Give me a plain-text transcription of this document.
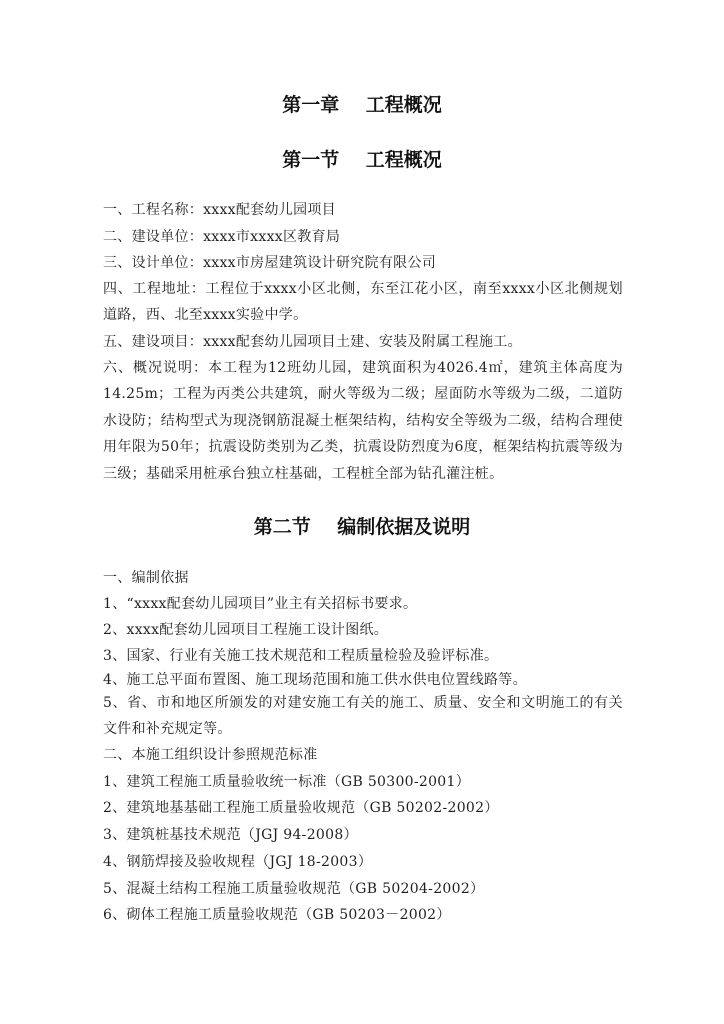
第一章    工程概况
第一节    工程概况
一、工程名称：xxxx配套幼儿园项目
二、建设单位：xxxx市xxxx区教育局
三、设计单位：xxxx市房屋建筑设计研究院有限公司
四、工程地址：工程位于xxxx小区北侧，东至江花小区，南至xxxx小区北侧规划道路，西、北至xxxx实验中学。
五、建设项目：xxxx配套幼儿园项目土建、安装及附属工程施工。
六、概况说明：本工程为12班幼儿园，建筑面积为4026.4㎡，建筑主体高度为14.25m；工程为丙类公共建筑，耐火等级为二级；屋面防水等级为二级，二道防水设防；结构型式为现浇钢筋混凝土框架结构，结构安全等级为二级，结构合理使用年限为50年；抗震设防类别为乙类，抗震设防烈度为6度，框架结构抗震等级为三级；基础采用桩承台独立柱基础，工程桩全部为钻孔灌注桩。
第二节    编制依据及说明
一、编制依据
1、“xxxx配套幼儿园项目”业主有关招标书要求。
2、xxxx配套幼儿园项目工程施工设计图纸。
3、国家、行业有关施工技术规范和工程质量检验及验评标准。
4、施工总平面布置图、施工现场范围和施工供水供电位置线路等。
5、省、市和地区所颁发的对建安施工有关的施工、质量、安全和文明施工的有关文件和补充规定等。
二、本施工组织设计参照规范标准
1、建筑工程施工质量验收统一标准（GB 50300-2001）
2、建筑地基基础工程施工质量验收规范（GB 50202-2002）
3、建筑桩基技术规范（JGJ 94-2008）
4、钢筋焊接及验收规程（JGJ 18-2003）
5、混凝土结构工程施工质量验收规范（GB 50204-2002）
6、砌体工程施工质量验收规范（GB 50203－2002）
